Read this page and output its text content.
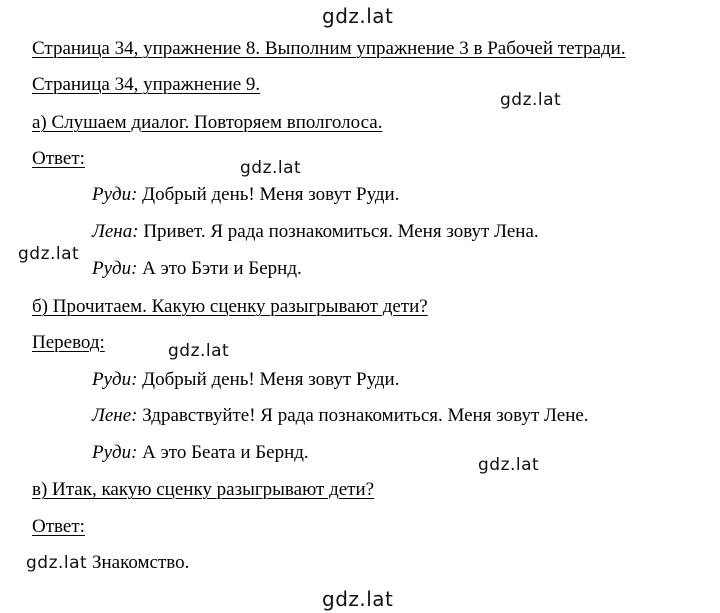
gdz.lat
gdz.lat
gdz.lat
gdz.lat
gdz.lat
gdz.lat
gdz.lat
gdz.lat
Страница 34, упражнение 8. Выполним упражнение 3 в Рабочей тетради.
Страница 34, упражнение 9.
а) Слушаем диалог. Повторяем вполголоса.
Ответ:
Руди: Добрый день! Меня зовут Руди.
Лена: Привет. Я рада познакомиться. Меня зовут Лена.
Руди: А это Бэти и Бернд.
б) Прочитаем. Какую сценку разыгрывают дети?
Перевод:
Руди: Добрый день! Меня зовут Руди.
Лене: Здравствуйте! Я рада познакомиться. Меня зовут Лене.
Руди: А это Беата и Бернд.
в) Итак, какую сценку разыгрывают дети?
Ответ:
Знакомство.
